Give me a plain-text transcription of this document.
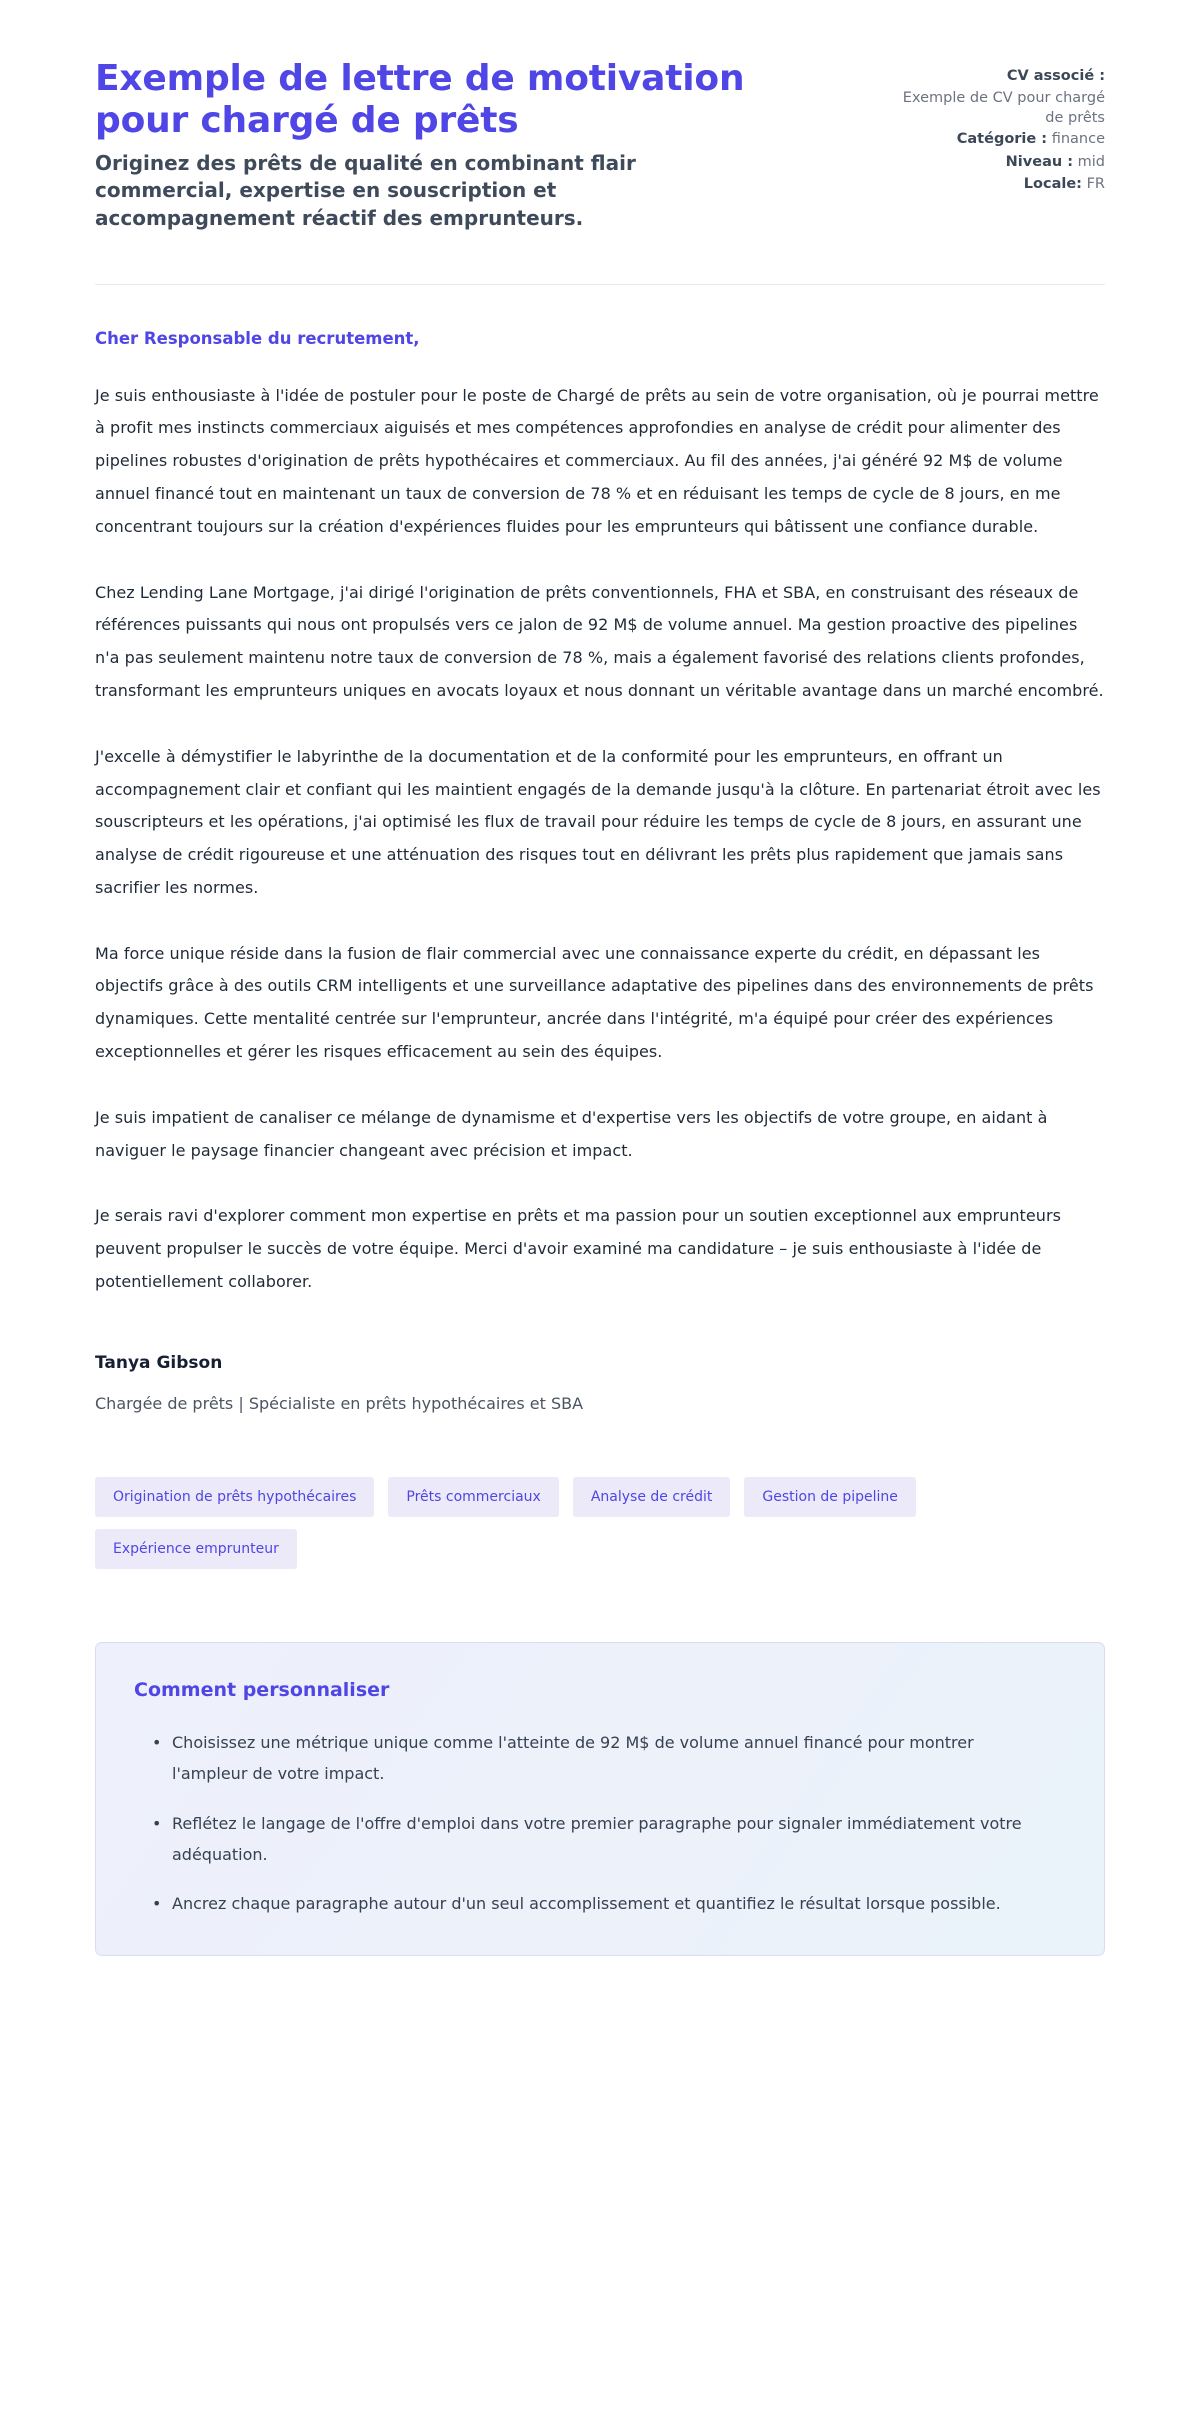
Exemple de lettre de motivation pour chargé de prêts

Originez des prêts de qualité en combinant flair commercial, expertise en souscription et accompagnement réactif des emprunteurs.

CV associé :
Exemple de CV pour chargé de prêts

Catégorie : finance

Niveau : mid

Locale: FR

Cher Responsable du recrutement,

Je suis enthousiaste à l'idée de postuler pour le poste de Chargé de prêts au sein de votre organisation, où je pourrai mettre à profit mes instincts commerciaux aiguisés et mes compétences approfondies en analyse de crédit pour alimenter des pipelines robustes d'origination de prêts hypothécaires et commerciaux. Au fil des années, j'ai généré 92 M$ de volume annuel financé tout en maintenant un taux de conversion de 78 % et en réduisant les temps de cycle de 8 jours, en me concentrant toujours sur la création d'expériences fluides pour les emprunteurs qui bâtissent une confiance durable.

Chez Lending Lane Mortgage, j'ai dirigé l'origination de prêts conventionnels, FHA et SBA, en construisant des réseaux de références puissants qui nous ont propulsés vers ce jalon de 92 M$ de volume annuel. Ma gestion proactive des pipelines n'a pas seulement maintenu notre taux de conversion de 78 %, mais a également favorisé des relations clients profondes, transformant les emprunteurs uniques en avocats loyaux et nous donnant un véritable avantage dans un marché encombré.

J'excelle à démystifier le labyrinthe de la documentation et de la conformité pour les emprunteurs, en offrant un accompagnement clair et confiant qui les maintient engagés de la demande jusqu'à la clôture. En partenariat étroit avec les souscripteurs et les opérations, j'ai optimisé les flux de travail pour réduire les temps de cycle de 8 jours, en assurant une analyse de crédit rigoureuse et une atténuation des risques tout en délivrant les prêts plus rapidement que jamais sans sacrifier les normes.

Ma force unique réside dans la fusion de flair commercial avec une connaissance experte du crédit, en dépassant les objectifs grâce à des outils CRM intelligents et une surveillance adaptative des pipelines dans des environnements de prêts dynamiques. Cette mentalité centrée sur l'emprunteur, ancrée dans l'intégrité, m'a équipé pour créer des expériences exceptionnelles et gérer les risques efficacement au sein des équipes.

Je suis impatient de canaliser ce mélange de dynamisme et d'expertise vers les objectifs de votre groupe, en aidant à naviguer le paysage financier changeant avec précision et impact.

Je serais ravi d'explorer comment mon expertise en prêts et ma passion pour un soutien exceptionnel aux emprunteurs peuvent propulser le succès de votre équipe. Merci d'avoir examiné ma candidature – je suis enthousiaste à l'idée de potentiellement collaborer.

Tanya Gibson

Chargée de prêts | Spécialiste en prêts hypothécaires et SBA

Origination de prêts hypothécaires	Prêts commerciaux	Analyse de crédit	Gestion de pipeline
Expérience emprunteur
Comment personnaliser
• Choisissez une métrique unique comme l'atteinte de 92 M$ de volume annuel financé pour montrer l'ampleur de votre impact.
• Reflétez le langage de l'offre d'emploi dans votre premier paragraphe pour signaler immédiatement votre adéquation.
• Ancrez chaque paragraphe autour d'un seul accomplissement et quantifiez le résultat lorsque possible.
